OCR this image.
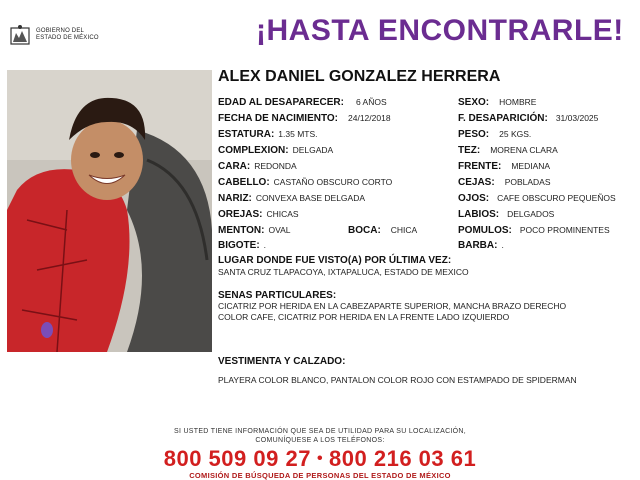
GOBIERNO DEL
ESTADO DE MÉXICO	¡HASTA ENCONTRARLE!
ALEX DANIEL GONZALEZ HERRERA
EDAD AL DESAPARECER: 6 AÑOS
FECHA DE NACIMIENTO: 24/12/2018
ESTATURA: 1.35 MTS.
COMPLEXION: DELGADA
CARA: REDONDA
CABELLO: CASTAÑO OBSCURO CORTO
NARIZ: CONVEXA BASE DELGADA
OREJAS: CHICAS
MENTON: OVAL	BOCA: CHICA
BIGOTE: .
SEXO: HOMBRE
F. DESAPARICIÓN: 31/03/2025
PESO: 25 KGS.
TEZ: MORENA CLARA
FRENTE: MEDIANA
CEJAS: POBLADAS
OJOS: CAFE OBSCURO PEQUEÑOS
LABIOS: DELGADOS
POMULOS: POCO PROMINENTES
BARBA: .
LUGAR DONDE FUE VISTO(A) POR ÚLTIMA VEZ:
SANTA CRUZ TLAPACOYA, IXTAPALUCA, ESTADO DE MEXICO
SENAS PARTICULARES:
CICATRIZ POR HERIDA EN LA CABEZAPARTE SUPERIOR, MANCHA BRAZO DERECHO
COLOR CAFE, CICATRIZ POR HERIDA EN LA FRENTE LADO IZQUIERDO
VESTIMENTA Y CALZADO:
PLAYERA COLOR BLANCO, PANTALON COLOR ROJO CON ESTAMPADO DE SPIDERMAN
SI USTED TIENE INFORMACIÓN QUE SEA DE UTILIDAD PARA SU LOCALIZACIÓN,
COMUNÍQUESE A LOS TELÉFONOS:
800 509 09 27 • 800 216 03 61
COMISIÓN DE BÚSQUEDA DE PERSONAS DEL ESTADO DE MÉXICO
